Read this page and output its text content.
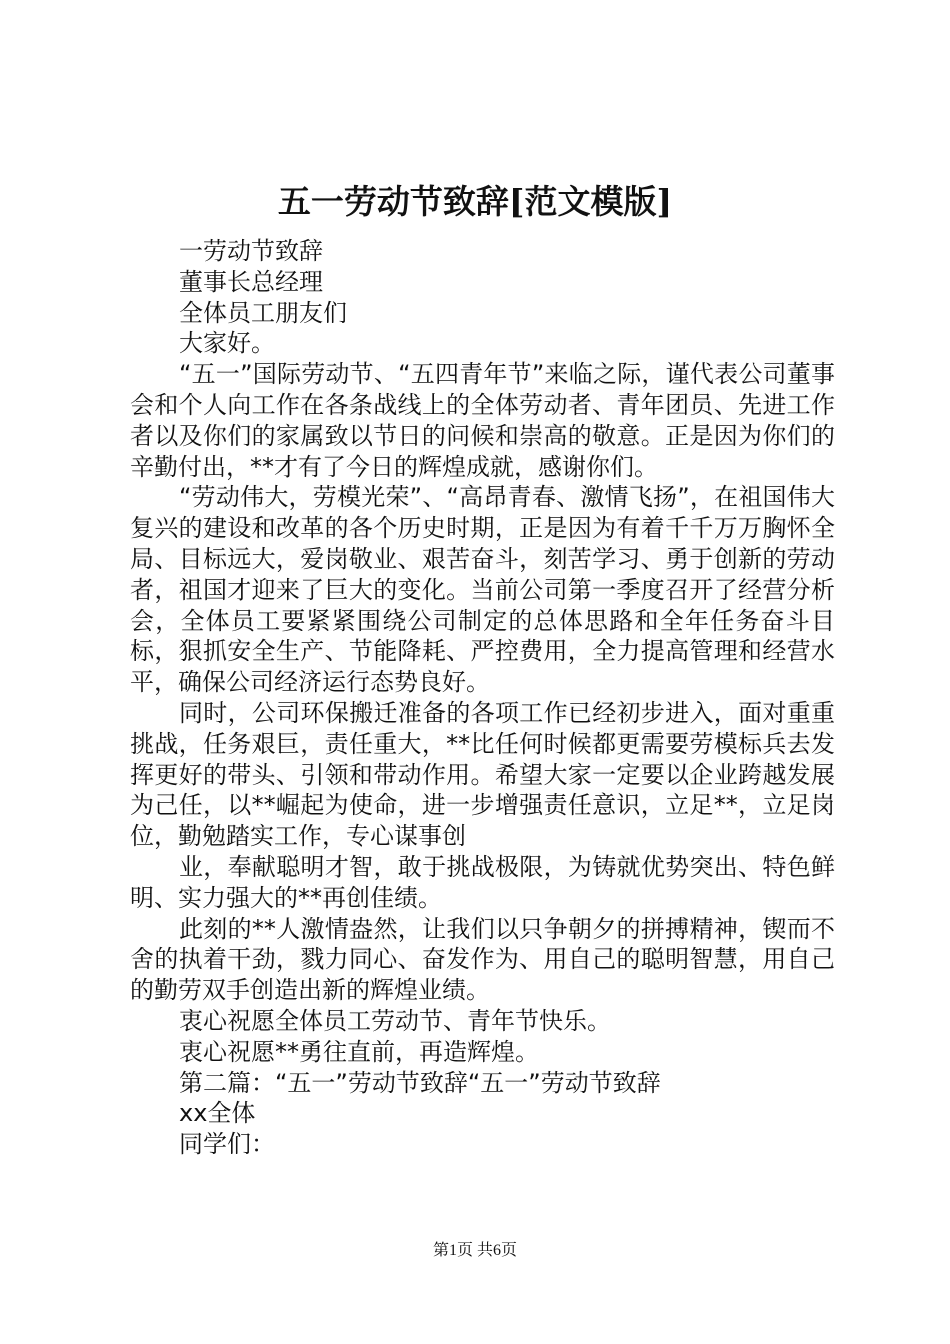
五一劳动节致辞[范文模版]

一劳动节致辞

董事长总经理

全体员工朋友们

大家好。

“五一”国际劳动节、“五四青年节”来临之际，谨代表公司董事会和个人向工作在各条战线上的全体劳动者、青年团员、先进工作者以及你们的家属致以节日的问候和崇高的敬意。正是因为你们的辛勤付出，**才有了今日的辉煌成就，感谢你们。

“劳动伟大，劳模光荣”、“高昂青春、激情飞扬”，在祖国伟大复兴的建设和改革的各个历史时期，正是因为有着千千万万胸怀全局、目标远大，爱岗敬业、艰苦奋斗，刻苦学习、勇于创新的劳动者，祖国才迎来了巨大的变化。当前公司第一季度召开了经营分析会，全体员工要紧紧围绕公司制定的总体思路和全年任务奋斗目标，狠抓安全生产、节能降耗、严控费用，全力提高管理和经营水平，确保公司经济运行态势良好。

同时，公司环保搬迁准备的各项工作已经初步进入，面对重重挑战，任务艰巨，责任重大，**比任何时候都更需要劳模标兵去发挥更好的带头、引领和带动作用。希望大家一定要以企业跨越发展为己任，以**崛起为使命，进一步增强责任意识，立足**，立足岗位，勤勉踏实工作，专心谋事创

业，奉献聪明才智，敢于挑战极限，为铸就优势突出、特色鲜明、实力强大的**再创佳绩。

此刻的**人激情盎然，让我们以只争朝夕的拼搏精神，锲而不舍的执着干劲，戮力同心、奋发作为、用自己的聪明智慧，用自己的勤劳双手创造出新的辉煌业绩。

衷心祝愿全体员工劳动节、青年节快乐。

衷心祝愿**勇往直前，再造辉煌。

第二篇：“五一”劳动节致辞“五一”劳动节致辞

xx全体

同学们：

第1页 共6页
